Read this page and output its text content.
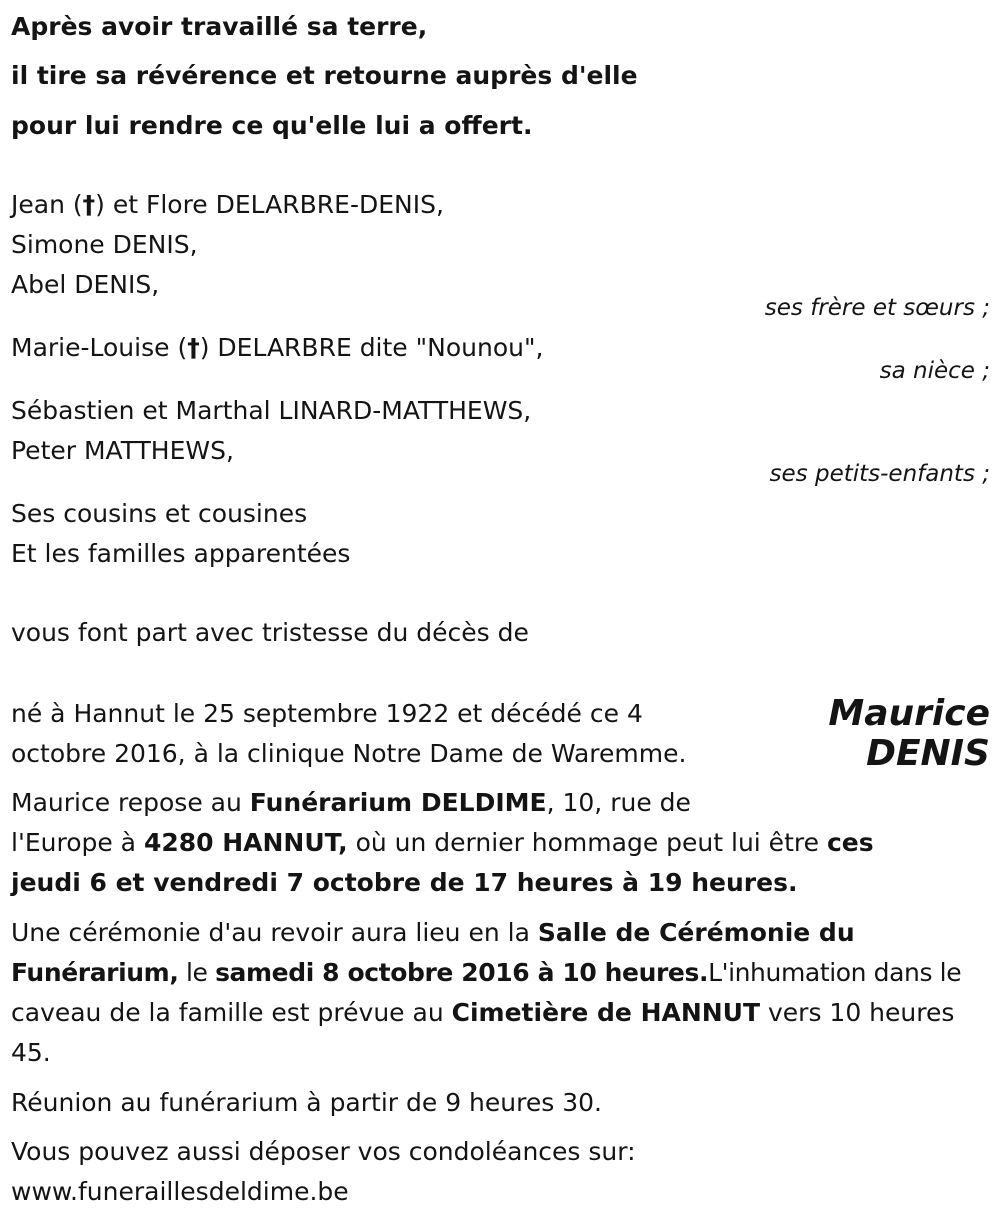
Après avoir travaillé sa terre,
il tire sa révérence et retourne auprès d'elle
pour lui rendre ce qu'elle lui a offert.
Jean (†) et Flore DELARBRE-DENIS,
Simone DENIS,
Abel DENIS,
ses frère et sœurs ;
Marie-Louise (†) DELARBRE dite "Nounou",
sa nièce ;
Sébastien et Marthal LINARD-MATTHEWS,
Peter MATTHEWS,
ses petits-enfants ;
Ses cousins et cousines
Et les familles apparentées
vous font part avec tristesse du décès de
Maurice
DENIS
né à Hannut le 25 septembre 1922 et décédé ce 4
octobre 2016, à la clinique Notre Dame de Waremme.
Maurice repose au Funérarium DELDIME, 10, rue de
l'Europe à 4280 HANNUT, où un dernier hommage peut lui être ces
jeudi 6 et vendredi 7 octobre de 17 heures à 19 heures.
Une cérémonie d'au revoir aura lieu en la Salle de Cérémonie du
Funérarium, le samedi 8 octobre 2016 à 10 heures.L'inhumation dans le
caveau de la famille est prévue au Cimetière de HANNUT vers 10 heures
45.
Réunion au funérarium à partir de 9 heures 30.
Vous pouvez aussi déposer vos condoléances sur:
www.funeraillesdeldime.be
